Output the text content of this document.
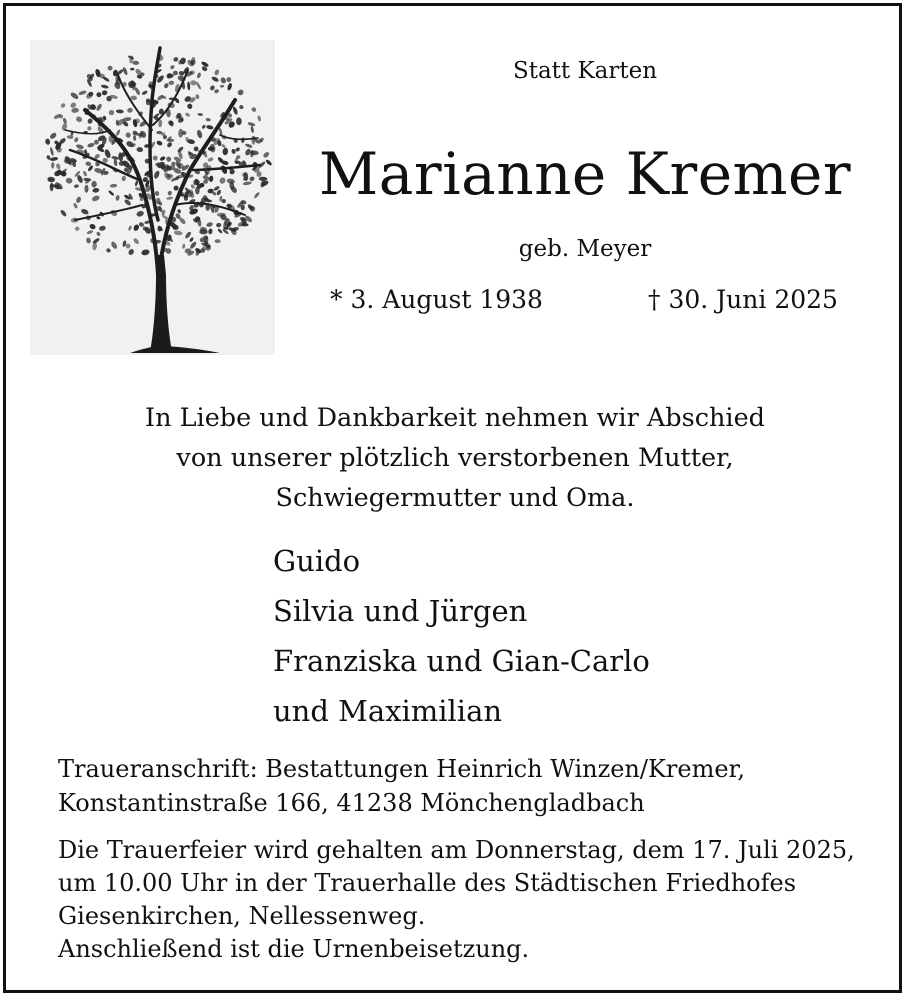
Statt Karten
Marianne Kremer
geb. Meyer
* 3. August 1938	† 30. Juni 2025
In Liebe und Dankbarkeit nehmen wir Abschied
von unserer plötzlich verstorbenen Mutter,
Schwiegermutter und Oma.
Guido
Silvia und Jürgen
Franziska und Gian-Carlo
und Maximilian
Traueranschrift: Bestattungen Heinrich Winzen/Kremer,
Konstantinstraße 166, 41238 Mönchengladbach
Die Trauerfeier wird gehalten am Donnerstag, dem 17. Juli 2025,
um 10.00 Uhr in der Trauerhalle des Städtischen Friedhofes
Giesenkirchen, Nellessenweg.
Anschließend ist die Urnenbeisetzung.
